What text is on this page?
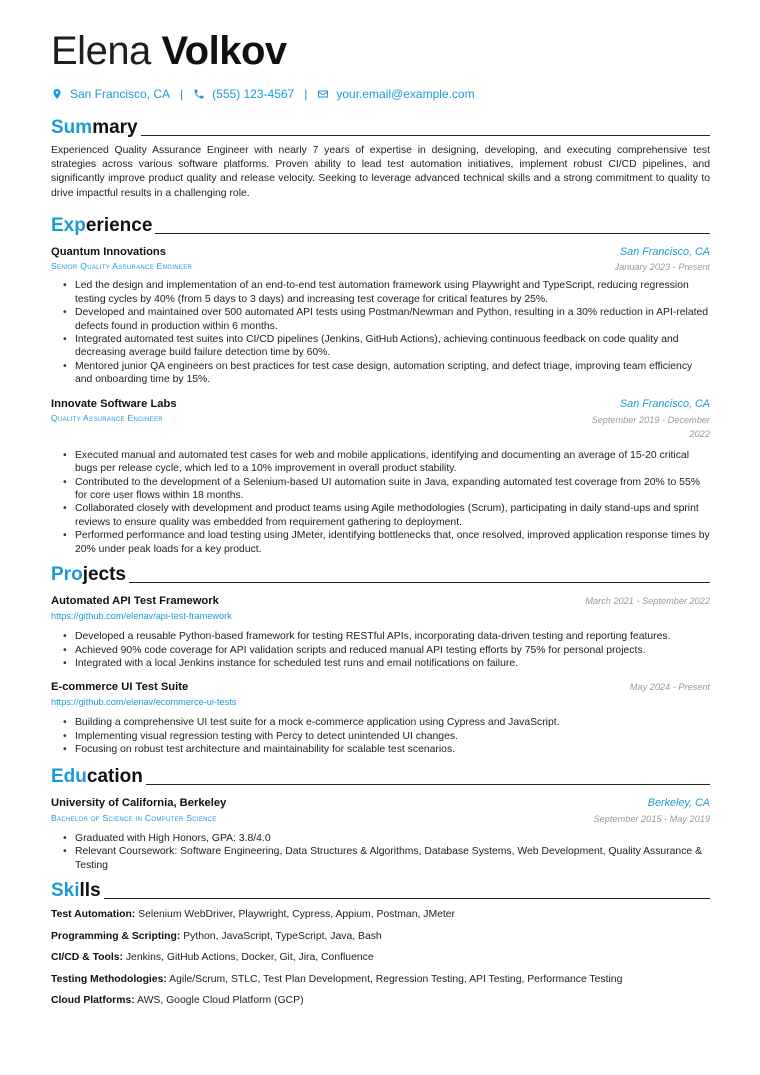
Elena Volkov
San Francisco, CA | (555) 123-4567 | your.email@example.com
Summary

Experienced Quality Assurance Engineer with nearly 7 years of expertise in designing, developing, and executing comprehensive test strategies across various software platforms. Proven ability to lead test automation initiatives, implement robust CI/CD pipelines, and significantly improve product quality and release velocity. Seeking to leverage advanced technical skills and a strong commitment to quality to drive impactful results in a challenging role.

Experience
Quantum Innovations	San Francisco, CA
Senior Quality Assurance Engineer	January 2023 - Present
• Led the design and implementation of an end-to-end test automation framework using Playwright and TypeScript, reducing regression testing cycles by 40% (from 5 days to 3 days) and increasing test coverage for critical features by 25%.
• Developed and maintained over 500 automated API tests using Postman/Newman and Python, resulting in a 30% reduction in API-related defects found in production within 6 months.
• Integrated automated test suites into CI/CD pipelines (Jenkins, GitHub Actions), achieving continuous feedback on code quality and decreasing average build failure detection time by 60%.
• Mentored junior QA engineers on best practices for test case design, automation scripting, and defect triage, improving team efficiency and onboarding time by 15%.
Innovate Software Labs	San Francisco, CA
Quality Assurance Engineer	September 2019 - December 2022
• Executed manual and automated test cases for web and mobile applications, identifying and documenting an average of 15-20 critical bugs per release cycle, which led to a 10% improvement in overall product stability.
• Contributed to the development of a Selenium-based UI automation suite in Java, expanding automated test coverage from 20% to 55% for core user flows within 18 months.
• Collaborated closely with development and product teams using Agile methodologies (Scrum), participating in daily stand-ups and sprint reviews to ensure quality was embedded from requirement gathering to deployment.
• Performed performance and load testing using JMeter, identifying bottlenecks that, once resolved, improved application response times by 20% under peak loads for a key product.
Projects
Automated API Test Framework	March 2021 - September 2022
https://github.com/elenav/api-test-framework
• Developed a reusable Python-based framework for testing RESTful APIs, incorporating data-driven testing and reporting features.
• Achieved 90% code coverage for API validation scripts and reduced manual API testing efforts by 75% for personal projects.
• Integrated with a local Jenkins instance for scheduled test runs and email notifications on failure.
E-commerce UI Test Suite	May 2024 - Present
https://github.com/elenav/ecommerce-ui-tests
• Building a comprehensive UI test suite for a mock e-commerce application using Cypress and JavaScript.
• Implementing visual regression testing with Percy to detect unintended UI changes.
• Focusing on robust test architecture and maintainability for scalable test scenarios.
Education
University of California, Berkeley	Berkeley, CA
Bachelor of Science in Computer Science	September 2015 - May 2019
• Graduated with High Honors, GPA: 3.8/4.0
• Relevant Coursework: Software Engineering, Data Structures & Algorithms, Database Systems, Web Development, Quality Assurance & Testing
Skills
Test Automation: Selenium WebDriver, Playwright, Cypress, Appium, Postman, JMeter
Programming & Scripting: Python, JavaScript, TypeScript, Java, Bash
CI/CD & Tools: Jenkins, GitHub Actions, Docker, Git, Jira, Confluence
Testing Methodologies: Agile/Scrum, STLC, Test Plan Development, Regression Testing, API Testing, Performance Testing
Cloud Platforms: AWS, Google Cloud Platform (GCP)
